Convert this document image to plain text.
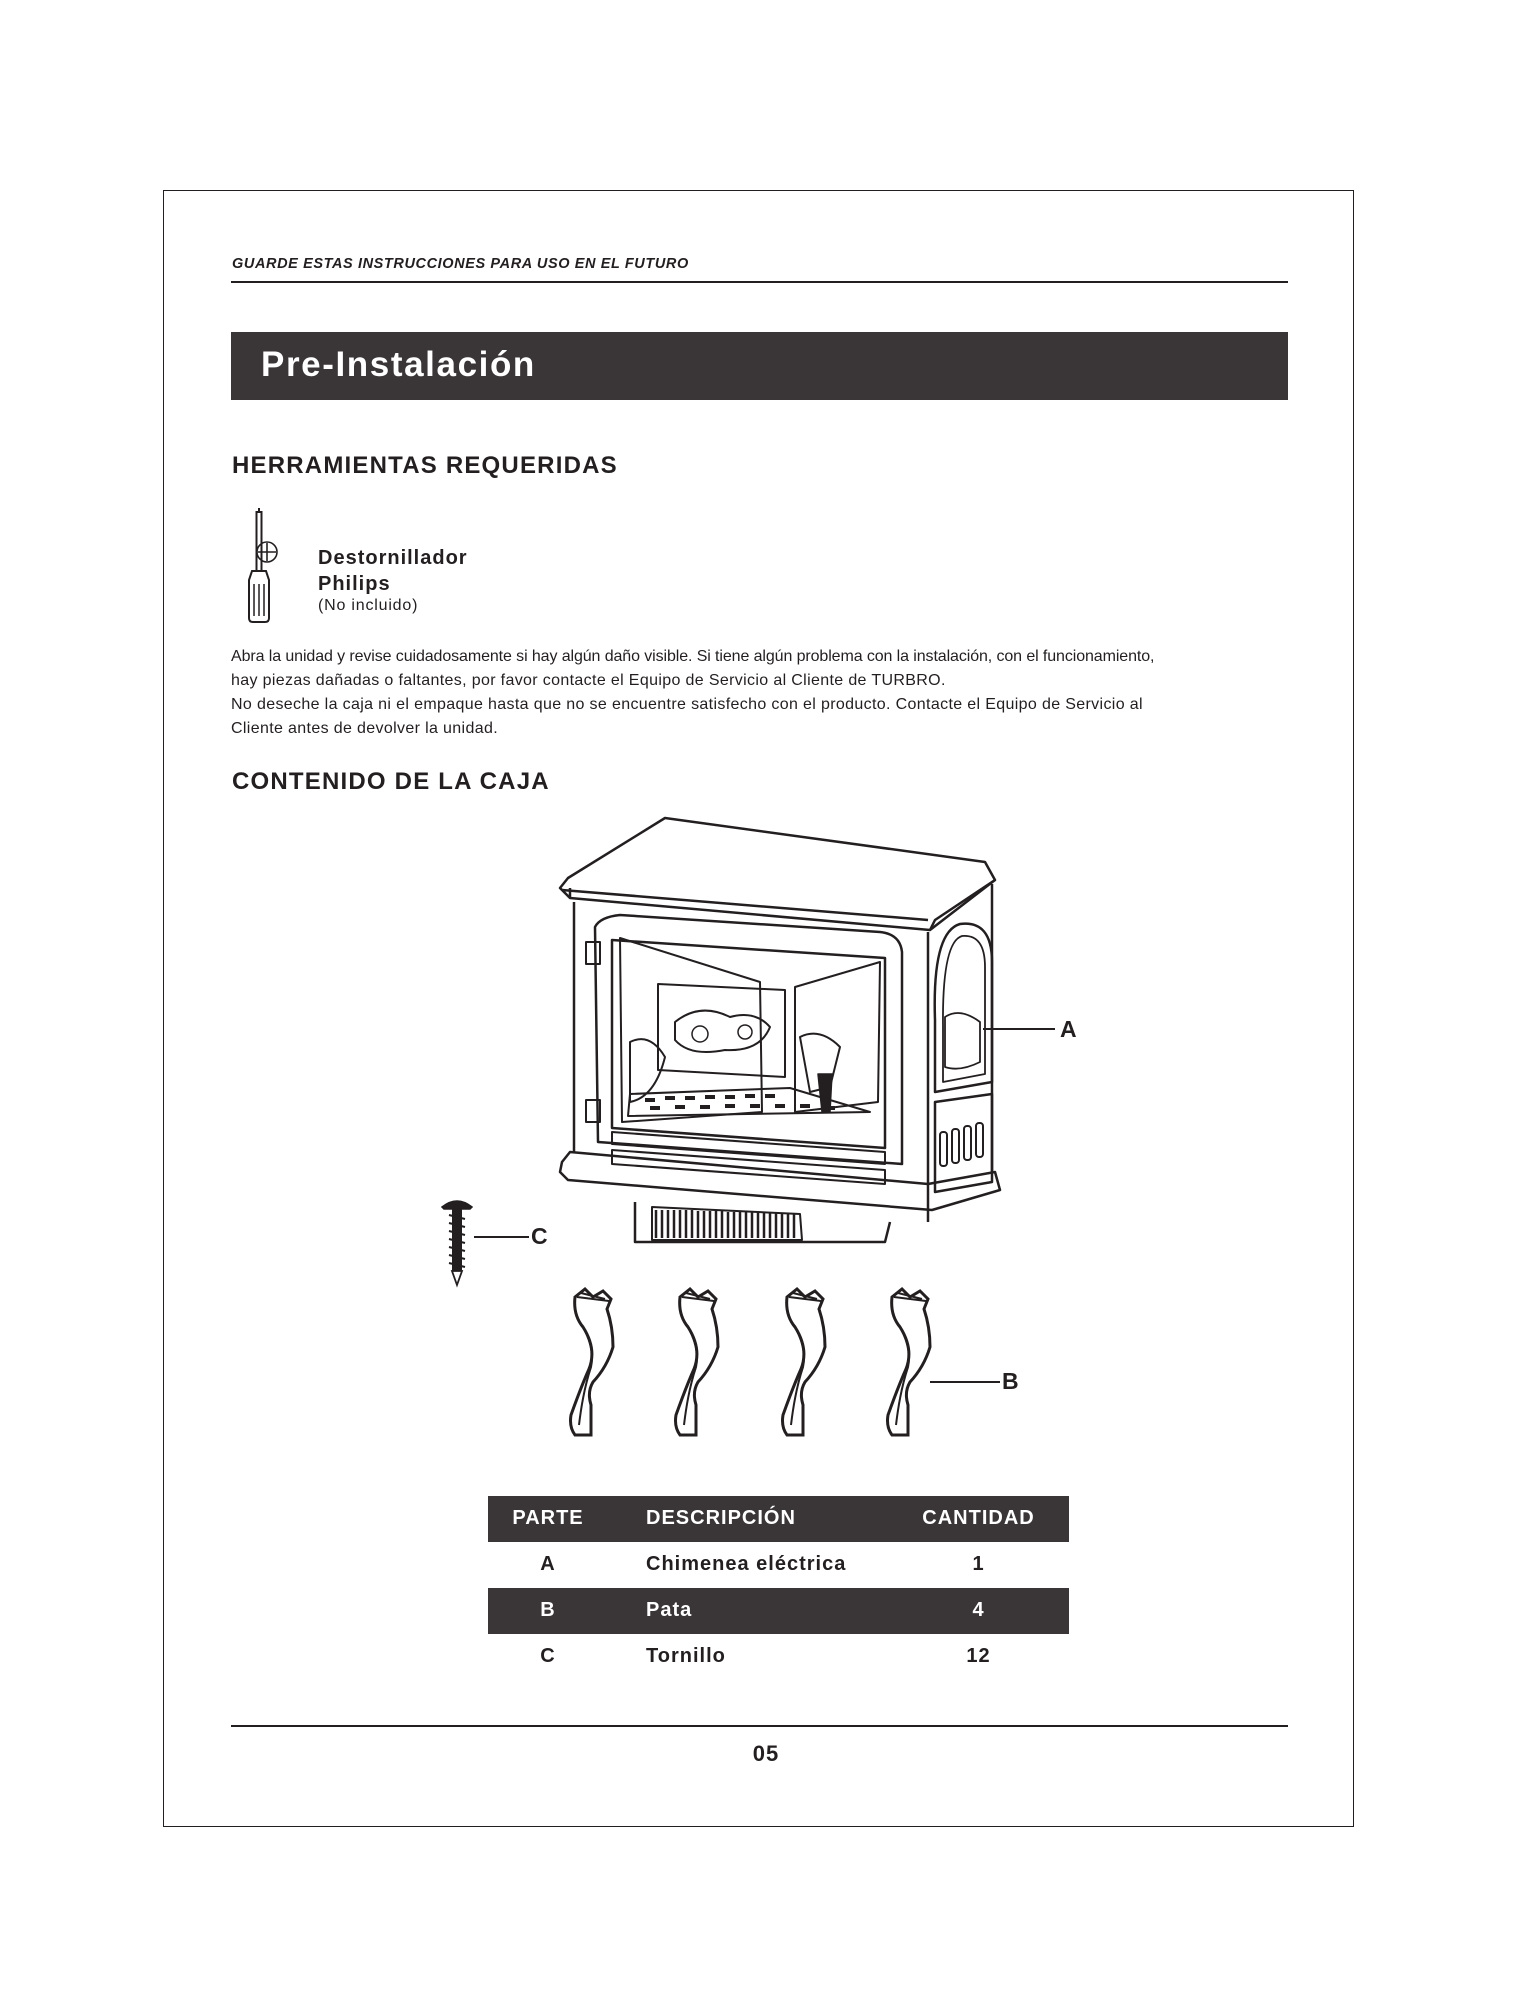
GUARDE ESTAS INSTRUCCIONES PARA USO EN EL FUTURO
Pre-Instalación
HERRAMIENTAS REQUERIDAS
Destornillador
Philips
(No incluido)
Abra la unidad y revise cuidadosamente si hay algún daño visible. Si tiene algún problema con la instalación, con el funcionamiento,
hay piezas dañadas o faltantes, por favor contacte el Equipo de Servicio al Cliente de TURBRO.
No deseche la caja ni el empaque hasta que no se encuentre satisfecho con el producto. Contacte el Equipo de Servicio al
Cliente antes de devolver la unidad.
CONTENIDO DE LA CAJA
A
C
B
PARTE	DESCRIPCIÓN	CANTIDAD
A	Chimenea eléctrica	1
B	Pata	4
C	Tornillo	12
05
